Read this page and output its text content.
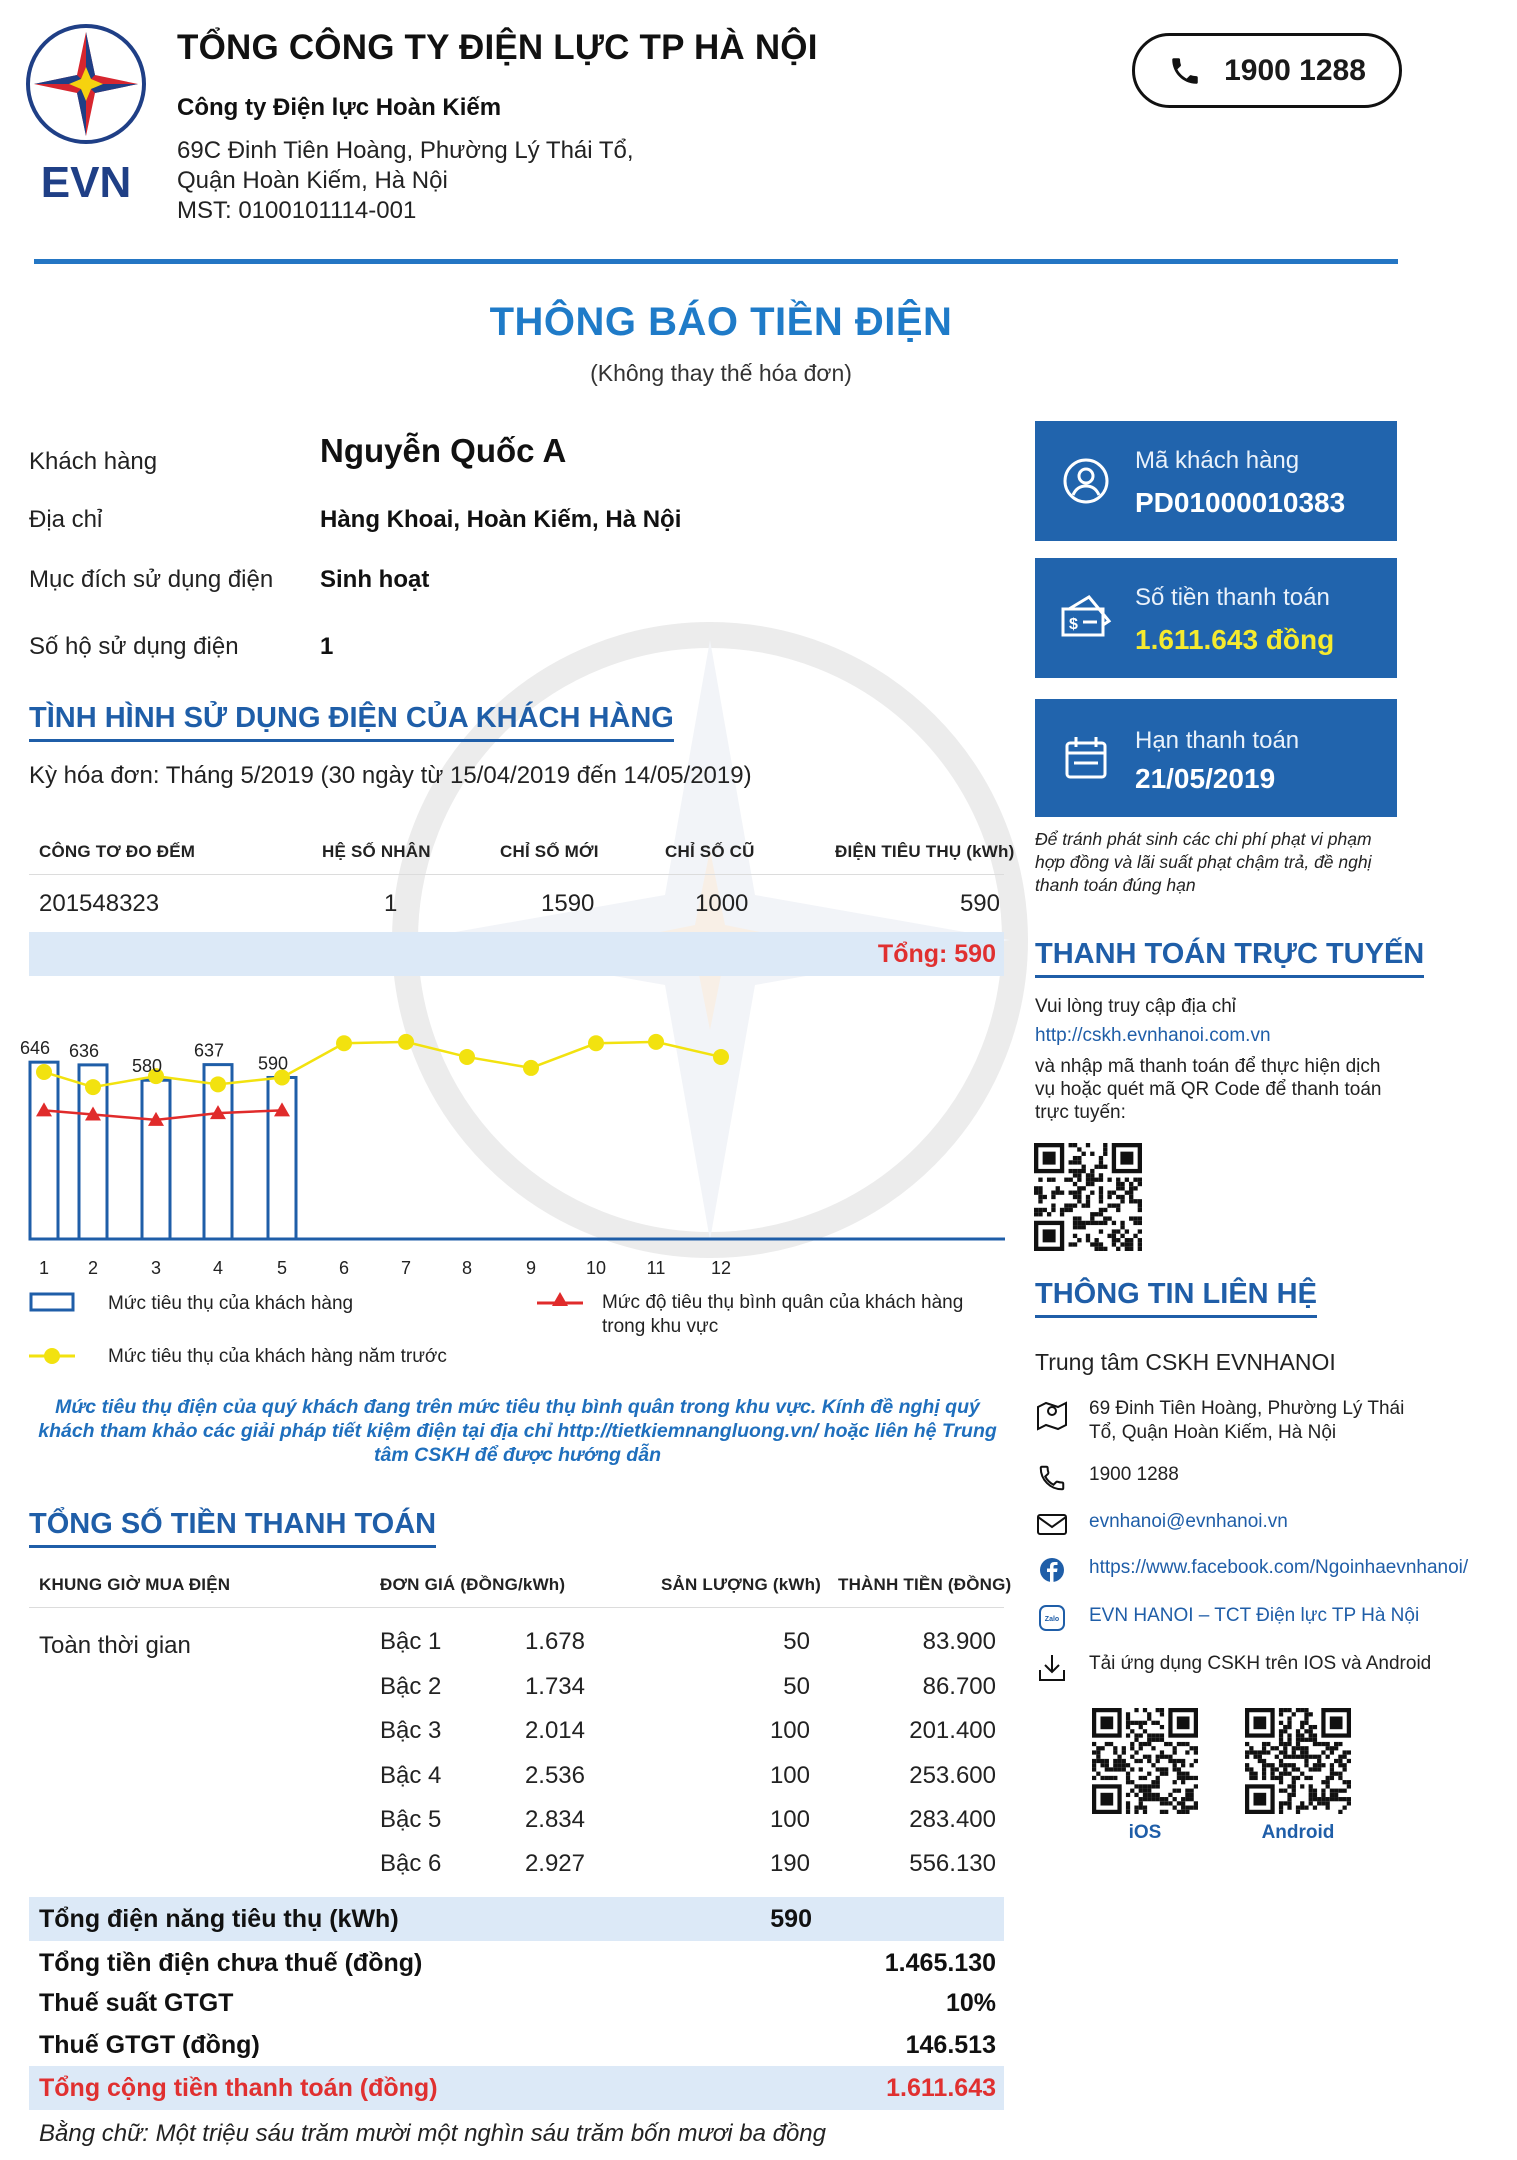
EVN
TỔNG CÔNG TY ĐIỆN LỰC TP HÀ NỘI
Công ty Điện lực Hoàn Kiếm
69C Đinh Tiên Hoàng, Phường Lý Thái Tổ,
Quận Hoàn Kiếm, Hà Nội
MST: 0100101114-001
1900 1288
THÔNG BÁO TIỀN ĐIỆN
(Không thay thế hóa đơn)
Khách hàng	Nguyễn Quốc A
Địa chỉ	Hàng Khoai, Hoàn Kiếm, Hà Nội
Mục đích sử dụng điện Sinh hoạt
Số hộ sử dụng điện	1
Mã khách hàng
PD01000010383
$
Số tiền thanh toán
1.611.643 đồng
Hạn thanh toán
21/05/2019
Để tránh phát sinh các chi phí phạt vi phạm hợp đồng và lãi suất phạt chậm trả, đề nghị thanh toán đúng hạn
TÌNH HÌNH SỬ DỤNG ĐIỆN CỦA KHÁCH HÀNG
Kỳ hóa đơn: Tháng 5/2019 (30 ngày từ 15/04/2019 đến 14/05/2019)
CÔNG TƠ ĐO ĐẾM	HỆ SỐ NHÂN	CHỈ SỐ MỚI	CHỈ SỐ CŨ	ĐIỆN TIÊU THỤ (kWh)
201548323	1	1590	1000	590
Tổng: 590
646 636
580
637
590
1 2	3	4	5	6	7	8	9	10 11	12
Mức tiêu thụ của khách hàng	Mức độ tiêu thụ bình quân của khách hàng trong khu vực
Mức tiêu thụ của khách hàng năm trước
Mức tiêu thụ điện của quý khách đang trên mức tiêu thụ bình quân trong khu vực. Kính đề nghị quý khách tham khảo các giải pháp tiết kiệm điện tại địa chỉ http://tietkiemnangluong.vn/ hoặc liên hệ Trung tâm CSKH để được hướng dẫn
TỔNG SỐ TIỀN THANH TOÁN
KHUNG GIỜ MUA ĐIỆN	ĐƠN GIÁ (ĐỒNG/kWh)	SẢN LƯỢNG (kWh) THÀNH TIỀN (ĐỒNG)
Toàn thời gian	Bậc 1	1.678	50	83.900
Bậc 2	1.734	50	86.700
Bậc 3	2.014	100	201.400
Bậc 4	2.536	100	253.600
Bậc 5	2.834	100	283.400
Bậc 6	2.927	190	556.130
Tổng điện năng tiêu thụ (kWh)	590
Tổng tiền điện chưa thuế (đồng)	1.465.130
Thuế suất GTGT	10%
Thuế GTGT (đồng)	146.513
Tổng cộng tiền thanh toán (đồng)	1.611.643
Bằng chữ: Một triệu sáu trăm mười một nghìn sáu trăm bốn mươi ba đồng
THANH TOÁN TRỰC TUYẾN
Vui lòng truy cập địa chỉ
http://cskh.evnhanoi.com.vn
và nhập mã thanh toán để thực hiện dịch vụ hoặc quét mã QR Code để thanh toán trực tuyến:
THÔNG TIN LIÊN HỆ
Trung tâm CSKH EVNHANOI
69 Đinh Tiên Hoàng, Phường Lý Thái Tổ, Quận Hoàn Kiếm, Hà Nội
1900 1288
evnhanoi@evnhanoi.vn
https://www.facebook.com/Ngoinhaevnhanoi/
Zalo EVN HANOI – TCT Điện lực TP Hà Nội
Tải ứng dụng CSKH trên IOS và Android
iOS	Android
